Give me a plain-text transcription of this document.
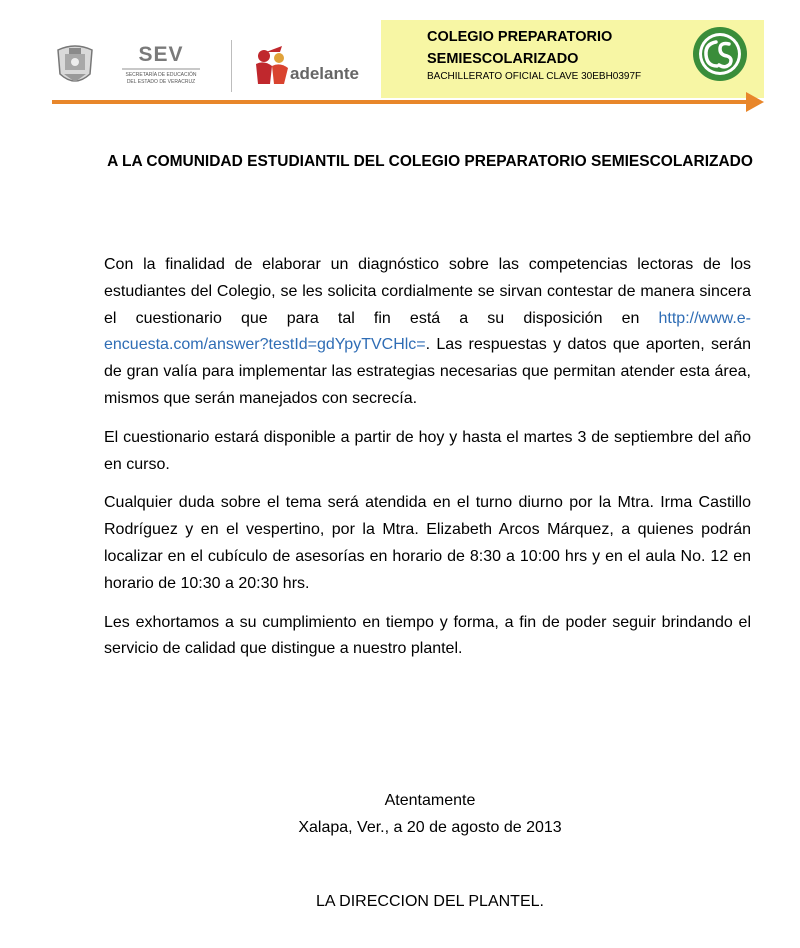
SEV
SECRETARÍA DE EDUCACIÓN
DEL ESTADO DE VERACRUZ	adelante
COLEGIO PREPARATORIO SEMIESCOLARIZADO
BACHILLERATO OFICIAL CLAVE 30EBH0397F
A LA COMUNIDAD ESTUDIANTIL DEL COLEGIO PREPARATORIO SEMIESCOLARIZADO

Con la finalidad de elaborar un diagnóstico sobre las competencias lectoras de los estudiantes del Colegio, se les solicita cordialmente se sirvan contestar de manera sincera el cuestionario que para tal fin está a su disposición en http://www.e-encuesta.com/answer?testId=gdYpyTVCHlc=. Las respuestas y datos que aporten, serán de gran valía para implementar las estrategias necesarias que permitan atender esta área, mismos que serán manejados con secrecía.

El cuestionario estará disponible a partir de hoy y hasta el martes 3 de septiembre del año en curso.

Cualquier duda sobre el tema será atendida en el turno diurno por la Mtra. Irma Castillo Rodríguez y en el vespertino, por la Mtra. Elizabeth Arcos Márquez, a quienes podrán localizar en el cubículo de asesorías en horario de 8:30 a 10:00 hrs y en el aula No. 12 en horario de 10:30 a 20:30 hrs.

Les exhortamos a su cumplimiento en tiempo y forma, a fin de poder seguir brindando el servicio de calidad que distingue a nuestro plantel.

Atentamente
Xalapa, Ver., a 20 de agosto de 2013
LA DIRECCION DEL PLANTEL.
